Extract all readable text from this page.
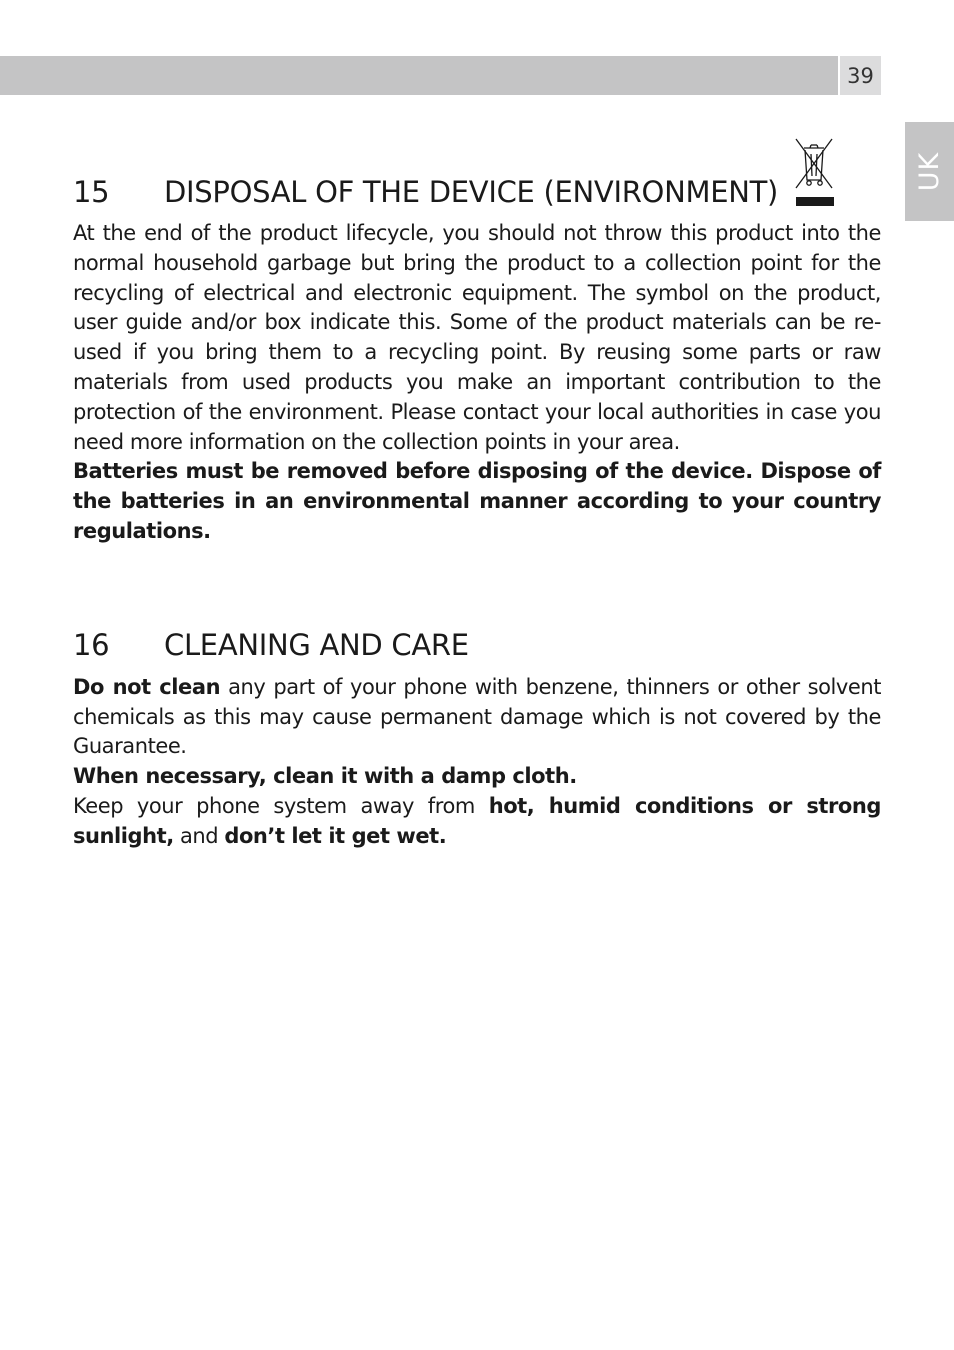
39
UK
15	DISPOSAL OF THE DEVICE (ENVIRONMENT)

At the end of the product lifecycle, you should not throw this product into the normal household garbage but bring the product to a collection point for the recycling of electrical and electronic equipment. The symbol on the product, user guide and/or box indicate this. Some of the product materials can be re-used if you bring them to a recycling point. By reusing some parts or raw materials from used products you make an important contribution to the protection of the environment. Please contact your local authorities in case you need more information on the collection points in your area.

Batteries must be removed before disposing of the device. Dispose of the batteries in an environmental manner according to your country regulations.

16	CLEANING AND CARE

Do not clean any part of your phone with benzene, thinners or other solvent chemicals as this may cause permanent damage which is not covered by the Guarantee.

When necessary, clean it with a damp cloth.

Keep your phone system away from hot, humid conditions or strong sunlight, and don’t let it get wet.
